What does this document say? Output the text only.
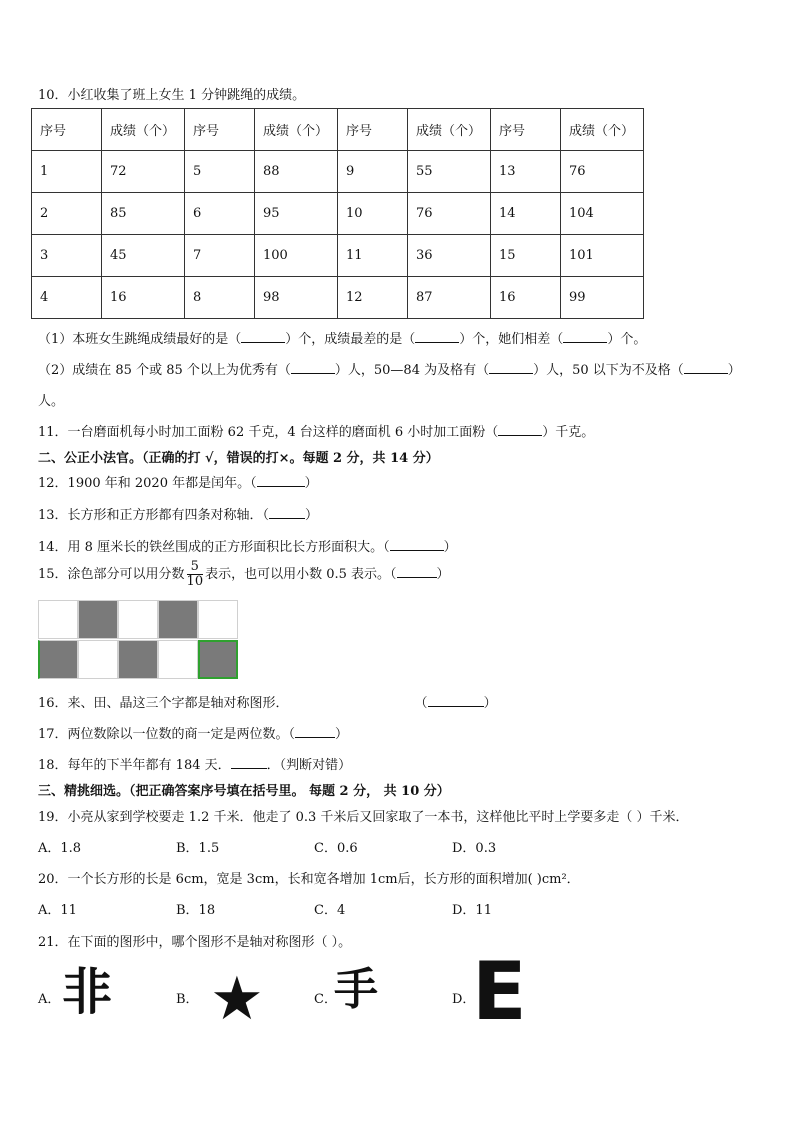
10．小红收集了班上女生 1 分钟跳绳的成绩。
序号	成绩（个）	序号	成绩（个）	序号	成绩（个）	序号	成绩（个）
1	72	5	88	9	55	13	76
2	85	6	95	10	76	14	104
3	45	7	100	11	36	15	101
4	16	8	98	12	87	16	99
（1）本班女生跳绳成绩最好的是（	）个，成绩最差的是（	）个，她们相差（	）个。
（2）成绩在 85 个或 85 个以上为优秀有（	）人，50—84 为及格有（	）人，50 以下为不及格（	）
人。
11．一台磨面机每小时加工面粉 62 千克，4 台这样的磨面机 6 小时加工面粉（	）千克。
二、公正小法官。（正确的打 √，错误的打×。每题 2 分，共 14 分）
12．1900 年和 2020 年都是闰年。（	）
13．长方形和正方形都有四条对称轴．（	）
14．用 8 厘米长的铁丝围成的正方形面积比长方形面积大。（	）
15．涂色部分可以用分数 $\frac{5}{10}$ 表示，也可以用小数 0.5 表示。（	）
16．来、田、晶这三个字都是轴对称图形．	（	）
17．两位数除以一位数的商一定是两位数。（	）
18．每年的下半年都有 184 天．	．（判断对错）
三、精挑细选。（把正确答案序号填在括号里。 每题 2 分， 共 10 分）
19．小亮从家到学校要走 1.2 千米．他走了 0.3 千米后又回家取了一本书，这样他比平时上学要多走（ ）千米．
A．1.8	B．1.5	C．0.6	D．0.3
20．一个长方形的长是 6cm，宽是 3cm，长和宽各增加 1cm后，长方形的面积增加( )cm²．
A．11	B．18	C．4	D．11
21．在下面的图形中，哪个图形不是轴对称图形（ ）。
A． 非	B． ★	C．
手	D．
E
